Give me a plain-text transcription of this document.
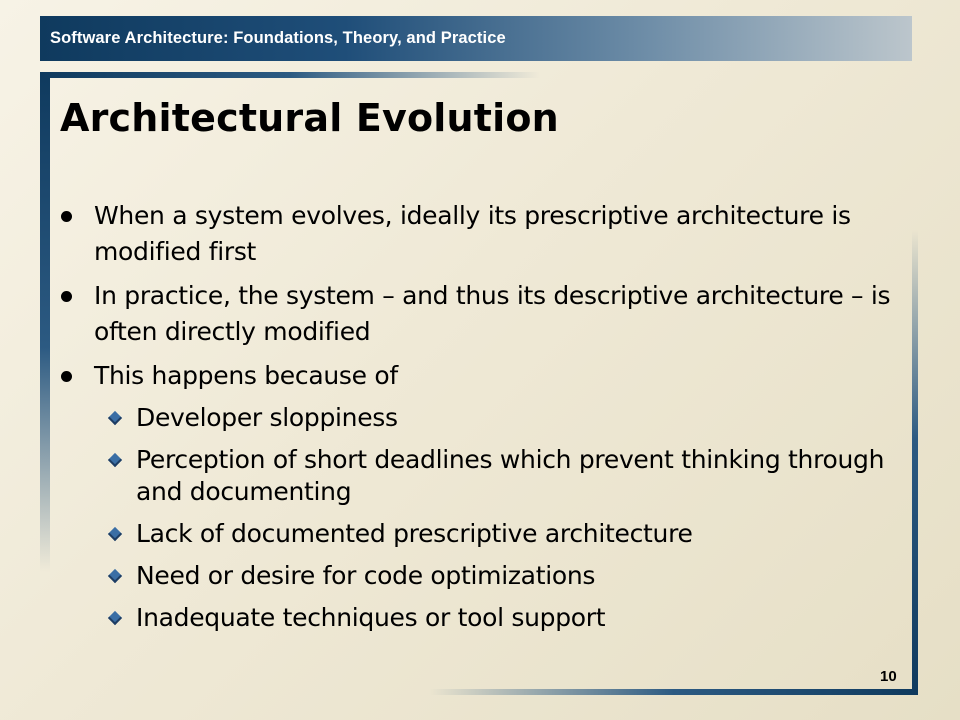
Software Architecture: Foundations, Theory, and Practice
Architectural Evolution
When a system evolves, ideally its prescriptive architecture is modified first
In practice, the system – and thus its descriptive architecture – is often directly modified
This happens because of
Developer sloppiness
Perception of short deadlines which prevent thinking through and documenting
Lack of documented prescriptive architecture
Need or desire for code optimizations
Inadequate techniques or tool support
10
